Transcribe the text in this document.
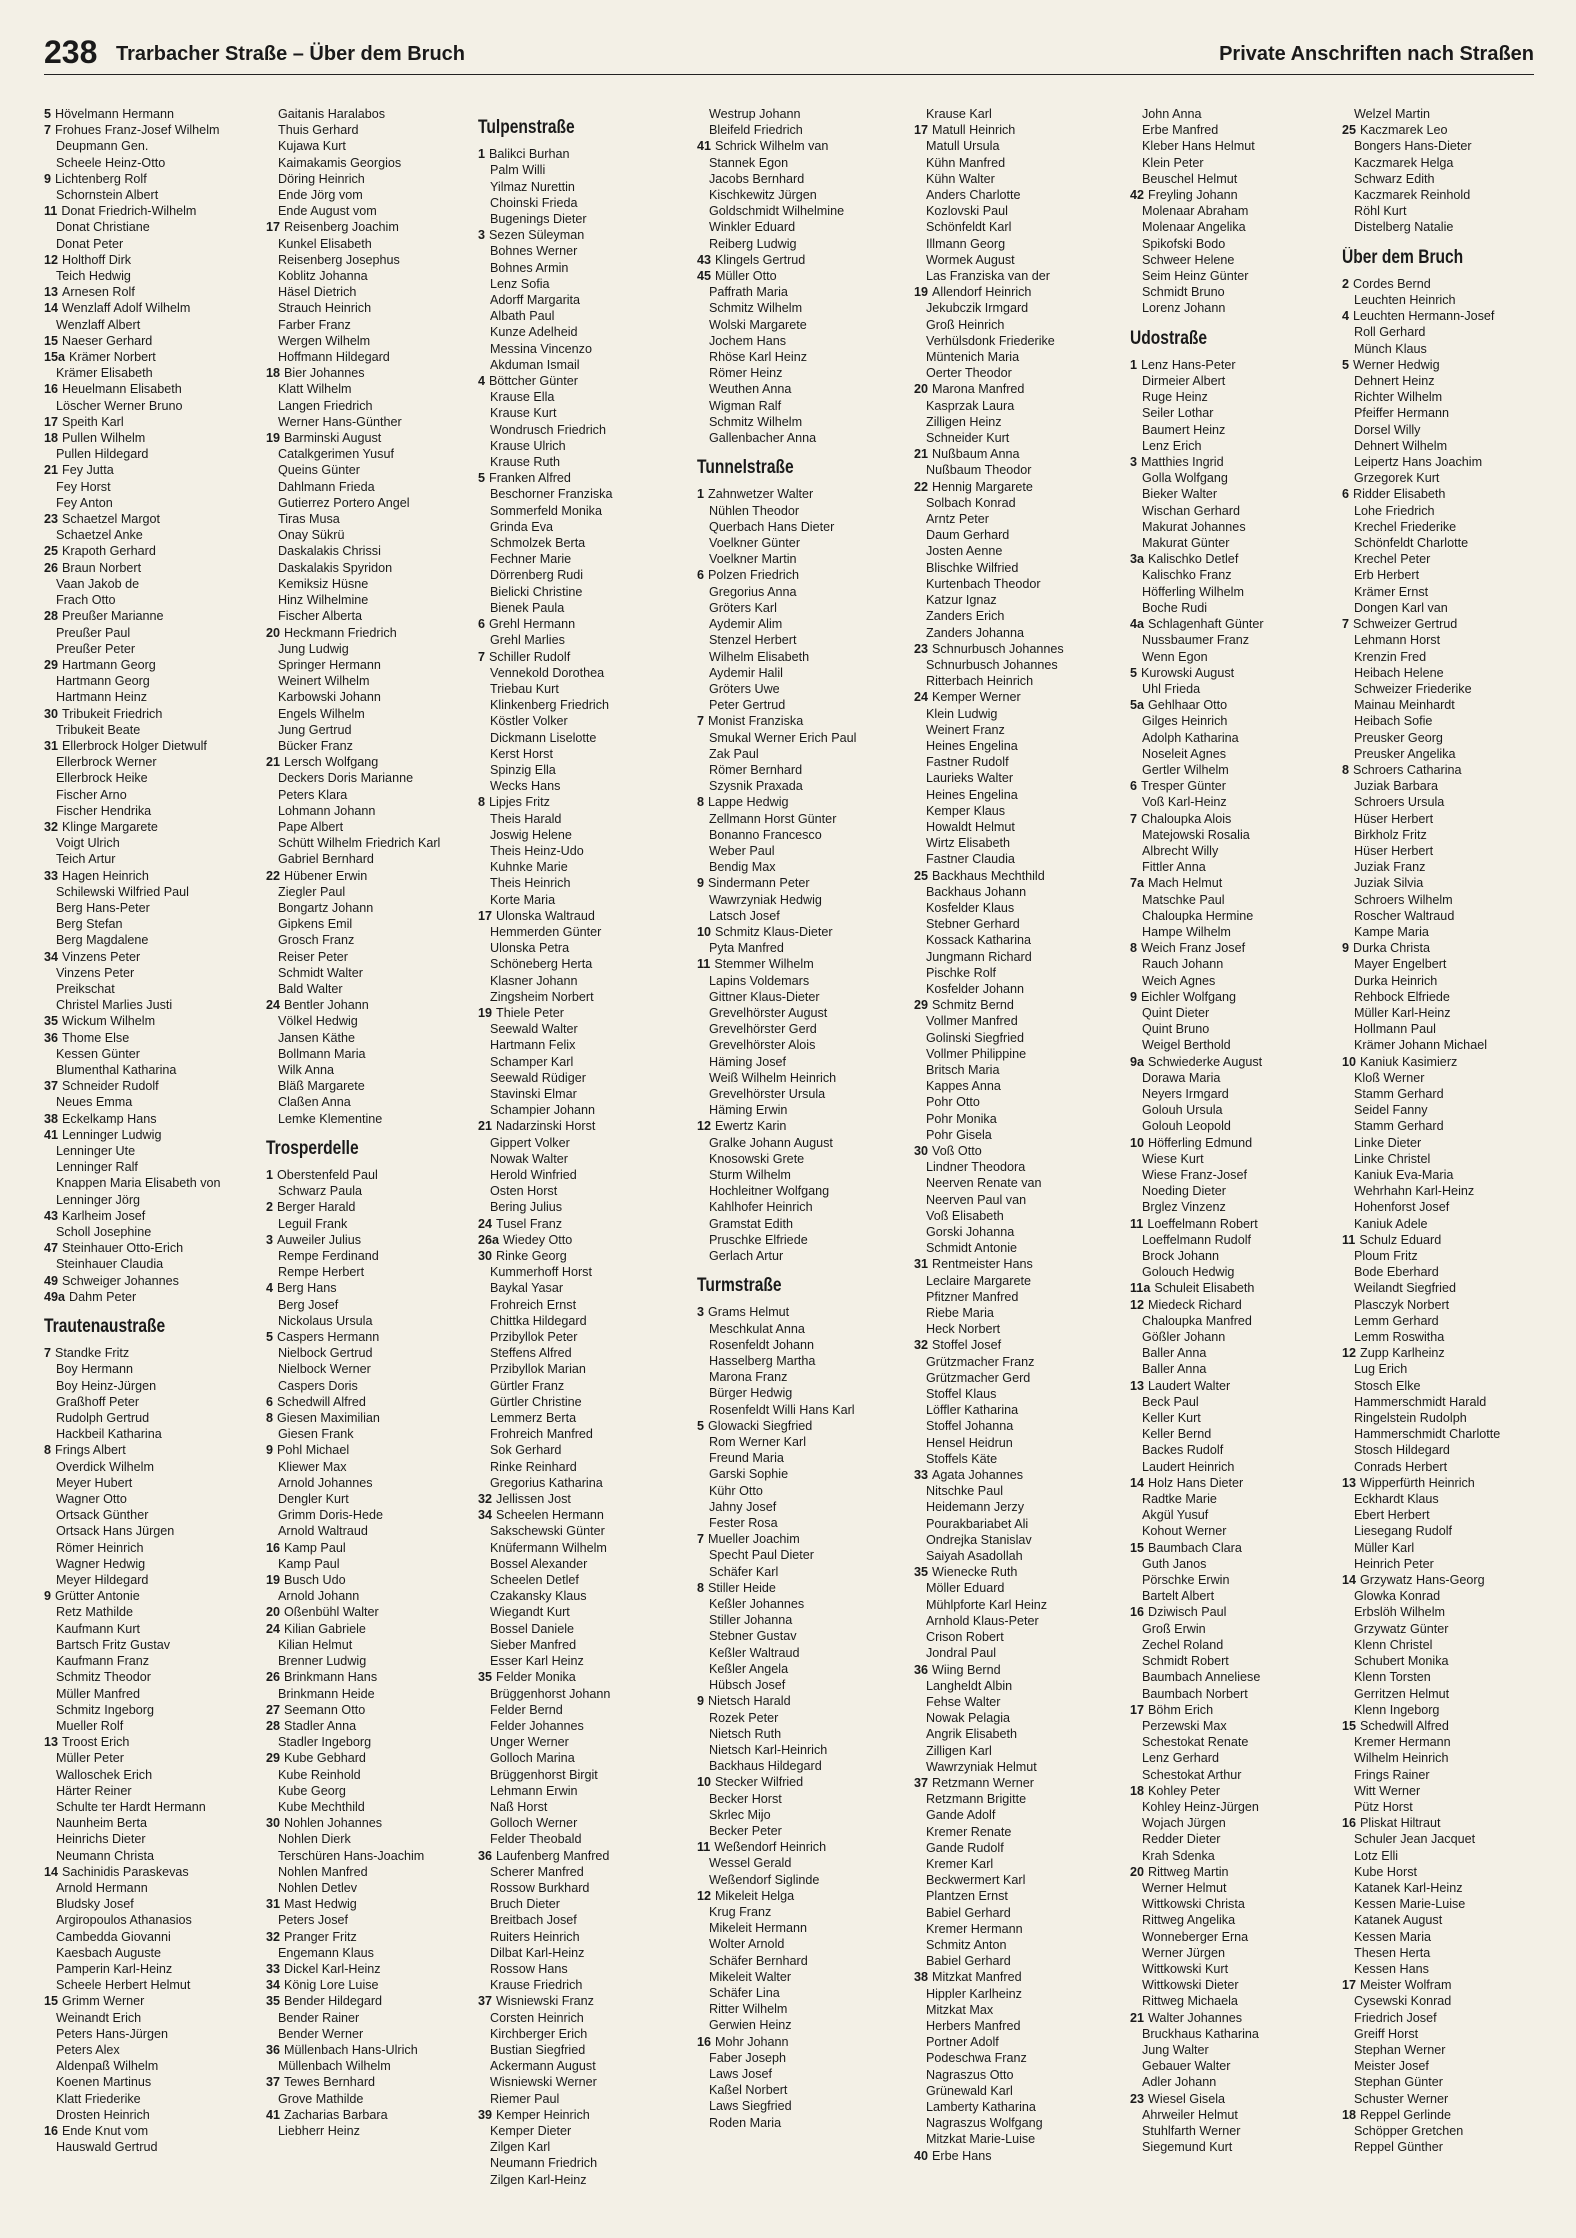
238 Trarbacher Straße – Über dem Bruch	Private Anschriften nach Straßen
5 Hövelmann Hermann
7 Frohues Franz-Josef Wilhelm
Deupmann Gen.
Scheele Heinz-Otto
9 Lichtenberg Rolf
Schornstein Albert
11 Donat Friedrich-Wilhelm
Donat Christiane
Donat Peter
12 Holthoff Dirk
Teich Hedwig
13 Arnesen Rolf
14 Wenzlaff Adolf Wilhelm
Wenzlaff Albert
15 Naeser Gerhard
15a Krämer Norbert
Krämer Elisabeth
16 Heuelmann Elisabeth
Löscher Werner Bruno
17 Speith Karl
18 Pullen Wilhelm
Pullen Hildegard
21 Fey Jutta
Fey Horst
Fey Anton
23 Schaetzel Margot
Schaetzel Anke
25 Krapoth Gerhard
26 Braun Norbert
Vaan Jakob de
Frach Otto
28 Preußer Marianne
Preußer Paul
Preußer Peter
29 Hartmann Georg
Hartmann Georg
Hartmann Heinz
30 Tribukeit Friedrich
Tribukeit Beate
31 Ellerbrock Holger Dietwulf
Ellerbrock Werner
Ellerbrock Heike
Fischer Arno
Fischer Hendrika
32 Klinge Margarete
Voigt Ulrich
Teich Artur
33 Hagen Heinrich
Schilewski Wilfried Paul
Berg Hans-Peter
Berg Stefan
Berg Magdalene
34 Vinzens Peter
Vinzens Peter
Preikschat
Christel Marlies Justi
35 Wickum Wilhelm
36 Thome Else
Kessen Günter
Blumenthal Katharina
37 Schneider Rudolf
Neues Emma
38 Eckelkamp Hans
41 Lenninger Ludwig
Lenninger Ute
Lenninger Ralf
Knappen Maria Elisabeth von
Lenninger Jörg
43 Karlheim Josef
Scholl Josephine
47 Steinhauer Otto-Erich
Steinhauer Claudia
49 Schweiger Johannes
49a Dahm Peter
Trautenaustraße
7 Standke Fritz
Boy Hermann
Boy Heinz-Jürgen
Graßhoff Peter
Rudolph Gertrud
Hackbeil Katharina
8 Frings Albert
Overdick Wilhelm
Meyer Hubert
Wagner Otto
Ortsack Günther
Ortsack Hans Jürgen
Römer Heinrich
Wagner Hedwig
Meyer Hildegard
9 Grütter Antonie
Retz Mathilde
Kaufmann Kurt
Bartsch Fritz Gustav
Kaufmann Franz
Schmitz Theodor
Müller Manfred
Schmitz Ingeborg
Mueller Rolf
13 Troost Erich
Müller Peter
Walloschek Erich
Härter Reiner
Schulte ter Hardt Hermann
Naunheim Berta
Heinrichs Dieter
Neumann Christa
14 Sachinidis Paraskevas
Arnold Hermann
Bludsky Josef
Argiropoulos Athanasios
Cambedda Giovanni
Kaesbach Auguste
Pamperin Karl-Heinz
Scheele Herbert Helmut
15 Grimm Werner
Weinandt Erich
Peters Hans-Jürgen
Peters Alex
Aldenpaß Wilhelm
Koenen Martinus
Klatt Friederike
Drosten Heinrich
16 Ende Knut vom
Hauswald Gertrud
Gaitanis Haralabos
Thuis Gerhard
Kujawa Kurt
Kaimakamis Georgios
Döring Heinrich
Ende Jörg vom
Ende August vom
17 Reisenberg Joachim
Kunkel Elisabeth
Reisenberg Josephus
Koblitz Johanna
Häsel Dietrich
Strauch Heinrich
Farber Franz
Wergen Wilhelm
Hoffmann Hildegard
18 Bier Johannes
Klatt Wilhelm
Langen Friedrich
Werner Hans-Günther
19 Barminski August
Catalkgerimen Yusuf
Queins Günter
Dahlmann Frieda
Gutierrez Portero Angel
Tiras Musa
Onay Sükrü
Daskalakis Chrissi
Daskalakis Spyridon
Kemiksiz Hüsne
Hinz Wilhelmine
Fischer Alberta
20 Heckmann Friedrich
Jung Ludwig
Springer Hermann
Weinert Wilhelm
Karbowski Johann
Engels Wilhelm
Jung Gertrud
Bücker Franz
21 Lersch Wolfgang
Deckers Doris Marianne
Peters Klara
Lohmann Johann
Pape Albert
Schütt Wilhelm Friedrich Karl
Gabriel Bernhard
22 Hübener Erwin
Ziegler Paul
Bongartz Johann
Gipkens Emil
Grosch Franz
Reiser Peter
Schmidt Walter
Bald Walter
24 Bentler Johann
Völkel Hedwig
Jansen Käthe
Bollmann Maria
Wilk Anna
Bläß Margarete
Claßen Anna
Lemke Klementine
Trosperdelle
1 Oberstenfeld Paul
Schwarz Paula
2 Berger Harald
Leguil Frank
3 Auweiler Julius
Rempe Ferdinand
Rempe Herbert
4 Berg Hans
Berg Josef
Nickolaus Ursula
5 Caspers Hermann
Nielbock Gertrud
Nielbock Werner
Caspers Doris
6 Schedwill Alfred
8 Giesen Maximilian
Giesen Frank
9 Pohl Michael
Kliewer Max
Arnold Johannes
Dengler Kurt
Grimm Doris-Hede
Arnold Waltraud
16 Kamp Paul
Kamp Paul
19 Busch Udo
Arnold Johann
20 Oßenbühl Walter
24 Kilian Gabriele
Kilian Helmut
Brenner Ludwig
26 Brinkmann Hans
Brinkmann Heide
27 Seemann Otto
28 Stadler Anna
Stadler Ingeborg
29 Kube Gebhard
Kube Reinhold
Kube Georg
Kube Mechthild
30 Nohlen Johannes
Nohlen Dierk
Terschüren Hans-Joachim
Nohlen Manfred
Nohlen Detlev
31 Mast Hedwig
Peters Josef
32 Pranger Fritz
Engemann Klaus
33 Dickel Karl-Heinz
34 König Lore Luise
35 Bender Hildegard
Bender Rainer
Bender Werner
36 Müllenbach Hans-Ulrich
Müllenbach Wilhelm
37 Tewes Bernhard
Grove Mathilde
41 Zacharias Barbara
Liebherr Heinz
Tulpenstraße
1 Balikci Burhan
Palm Willi
Yilmaz Nurettin
Choinski Frieda
Bugenings Dieter
3 Sezen Süleyman
Bohnes Werner
Bohnes Armin
Lenz Sofia
Adorff Margarita
Albath Paul
Kunze Adelheid
Messina Vincenzo
Akduman Ismail
4 Böttcher Günter
Krause Ella
Krause Kurt
Wondrusch Friedrich
Krause Ulrich
Krause Ruth
5 Franken Alfred
Beschorner Franziska
Sommerfeld Monika
Grinda Eva
Schmolzek Berta
Fechner Marie
Dörrenberg Rudi
Bielicki Christine
Bienek Paula
6 Grehl Hermann
Grehl Marlies
7 Schiller Rudolf
Vennekold Dorothea
Triebau Kurt
Klinkenberg Friedrich
Köstler Volker
Dickmann Liselotte
Kerst Horst
Spinzig Ella
Wecks Hans
8 Lipjes Fritz
Theis Harald
Joswig Helene
Theis Heinz-Udo
Kuhnke Marie
Theis Heinrich
Korte Maria
17 Ulonska Waltraud
Hemmerden Günter
Ulonska Petra
Schöneberg Herta
Klasner Johann
Zingsheim Norbert
19 Thiele Peter
Seewald Walter
Hartmann Felix
Schamper Karl
Seewald Rüdiger
Stavinski Elmar
Schampier Johann
21 Nadarzinski Horst
Gippert Volker
Nowak Walter
Herold Winfried
Osten Horst
Bering Julius
24 Tusel Franz
26a Wiedey Otto
30 Rinke Georg
Kummerhoff Horst
Baykal Yasar
Frohreich Ernst
Chittka Hildegard
Przibyllok Peter
Steffens Alfred
Przibyllok Marian
Gürtler Franz
Gürtler Christine
Lemmerz Berta
Frohreich Manfred
Sok Gerhard
Rinke Reinhard
Gregorius Katharina
32 Jellissen Jost
34 Scheelen Hermann
Sakschewski Günter
Knüfermann Wilhelm
Bossel Alexander
Scheelen Detlef
Czakansky Klaus
Wiegandt Kurt
Bossel Daniele
Sieber Manfred
Esser Karl Heinz
35 Felder Monika
Brüggenhorst Johann
Felder Bernd
Felder Johannes
Unger Werner
Golloch Marina
Brüggenhorst Birgit
Lehmann Erwin
Naß Horst
Golloch Werner
Felder Theobald
36 Laufenberg Manfred
Scherer Manfred
Rossow Burkhard
Bruch Dieter
Breitbach Josef
Ruiters Heinrich
Dilbat Karl-Heinz
Rossow Hans
Krause Friedrich
37 Wisniewski Franz
Corsten Heinrich
Kirchberger Erich
Bustian Siegfried
Ackermann August
Wisniewski Werner
Riemer Paul
39 Kemper Heinrich
Kemper Dieter
Zilgen Karl
Neumann Friedrich
Zilgen Karl-Heinz
Westrup Johann
Bleifeld Friedrich
41 Schrick Wilhelm van
Stannek Egon
Jacobs Bernhard
Kischkewitz Jürgen
Goldschmidt Wilhelmine
Winkler Eduard
Reiberg Ludwig
43 Klingels Gertrud
45 Müller Otto
Paffrath Maria
Schmitz Wilhelm
Wolski Margarete
Jochem Hans
Rhöse Karl Heinz
Römer Heinz
Weuthen Anna
Wigman Ralf
Schmitz Wilhelm
Gallenbacher Anna
Tunnelstraße
1 Zahnwetzer Walter
Nühlen Theodor
Querbach Hans Dieter
Voelkner Günter
Voelkner Martin
6 Polzen Friedrich
Gregorius Anna
Gröters Karl
Aydemir Alim
Stenzel Herbert
Wilhelm Elisabeth
Aydemir Halil
Gröters Uwe
Peter Gertrud
7 Monist Franziska
Smukal Werner Erich Paul
Zak Paul
Römer Bernhard
Szysnik Praxada
8 Lappe Hedwig
Zellmann Horst Günter
Bonanno Francesco
Weber Paul
Bendig Max
9 Sindermann Peter
Wawrzyniak Hedwig
Latsch Josef
10 Schmitz Klaus-Dieter
Pyta Manfred
11 Stemmer Wilhelm
Lapins Voldemars
Gittner Klaus-Dieter
Grevelhörster August
Grevelhörster Gerd
Grevelhörster Alois
Häming Josef
Weiß Wilhelm Heinrich
Grevelhörster Ursula
Häming Erwin
12 Ewertz Karin
Gralke Johann August
Knosowski Grete
Sturm Wilhelm
Hochleitner Wolfgang
Kahlhofer Heinrich
Gramstat Edith
Pruschke Elfriede
Gerlach Artur
Turmstraße
3 Grams Helmut
Meschkulat Anna
Rosenfeldt Johann
Hasselberg Martha
Marona Franz
Bürger Hedwig
Rosenfeldt Willi Hans Karl
5 Glowacki Siegfried
Rom Werner Karl
Freund Maria
Garski Sophie
Kühr Otto
Jahny Josef
Fester Rosa
7 Mueller Joachim
Specht Paul Dieter
Schäfer Karl
8 Stiller Heide
Keßler Johannes
Stiller Johanna
Stebner Gustav
Keßler Waltraud
Keßler Angela
Hübsch Josef
9 Nietsch Harald
Rozek Peter
Nietsch Ruth
Nietsch Karl-Heinrich
Backhaus Hildegard
10 Stecker Wilfried
Becker Horst
Skrlec Mijo
Becker Peter
11 Weßendorf Heinrich
Wessel Gerald
Weßendorf Siglinde
12 Mikeleit Helga
Krug Franz
Mikeleit Hermann
Wolter Arnold
Schäfer Bernhard
Mikeleit Walter
Schäfer Lina
Ritter Wilhelm
Gerwien Heinz
16 Mohr Johann
Faber Joseph
Laws Josef
Kaßel Norbert
Laws Siegfried
Roden Maria
Krause Karl
17 Matull Heinrich
Matull Ursula
Kühn Manfred
Kühn Walter
Anders Charlotte
Kozlovski Paul
Schönfeldt Karl
Illmann Georg
Wormek August
Las Franziska van der
19 Allendorf Heinrich
Jekubczik Irmgard
Groß Heinrich
Verhülsdonk Friederike
Müntenich Maria
Oerter Theodor
20 Marona Manfred
Kasprzak Laura
Zilligen Heinz
Schneider Kurt
21 Nußbaum Anna
Nußbaum Theodor
22 Hennig Margarete
Solbach Konrad
Arntz Peter
Daum Gerhard
Josten Aenne
Blischke Wilfried
Kurtenbach Theodor
Katzur Ignaz
Zanders Erich
Zanders Johanna
23 Schnurbusch Johannes
Schnurbusch Johannes
Ritterbach Heinrich
24 Kemper Werner
Klein Ludwig
Weinert Franz
Heines Engelina
Fastner Rudolf
Laurieks Walter
Heines Engelina
Kemper Klaus
Howaldt Helmut
Wirtz Elisabeth
Fastner Claudia
25 Backhaus Mechthild
Backhaus Johann
Kosfelder Klaus
Stebner Gerhard
Kossack Katharina
Jungmann Richard
Pischke Rolf
Kosfelder Johann
29 Schmitz Bernd
Vollmer Manfred
Golinski Siegfried
Vollmer Philippine
Britsch Maria
Kappes Anna
Pohr Otto
Pohr Monika
Pohr Gisela
30 Voß Otto
Lindner Theodora
Neerven Renate van
Neerven Paul van
Voß Elisabeth
Gorski Johanna
Schmidt Antonie
31 Rentmeister Hans
Leclaire Margarete
Pfitzner Manfred
Riebe Maria
Heck Norbert
32 Stoffel Josef
Grützmacher Franz
Grützmacher Gerd
Stoffel Klaus
Löffler Katharina
Stoffel Johanna
Hensel Heidrun
Stoffels Käte
33 Agata Johannes
Nitschke Paul
Heidemann Jerzy
Pourakbariabet Ali
Ondrejka Stanislav
Saiyah Asadollah
35 Wienecke Ruth
Möller Eduard
Mühlpforte Karl Heinz
Arnhold Klaus-Peter
Crison Robert
Jondral Paul
36 Wiing Bernd
Langheldt Albin
Fehse Walter
Nowak Pelagia
Angrik Elisabeth
Zilligen Karl
Wawrzyniak Helmut
37 Retzmann Werner
Retzmann Brigitte
Gande Adolf
Kremer Renate
Gande Rudolf
Kremer Karl
Beckwermert Karl
Plantzen Ernst
Babiel Gerhard
Kremer Hermann
Schmitz Anton
Babiel Gerhard
38 Mitzkat Manfred
Hippler Karlheinz
Mitzkat Max
Herbers Manfred
Portner Adolf
Podeschwa Franz
Nagraszus Otto
Grünewald Karl
Lamberty Katharina
Nagraszus Wolfgang
Mitzkat Marie-Luise
40 Erbe Hans
John Anna
Erbe Manfred
Kleber Hans Helmut
Klein Peter
Beuschel Helmut
42 Freyling Johann
Molenaar Abraham
Molenaar Angelika
Spikofski Bodo
Schweer Helene
Seim Heinz Günter
Schmidt Bruno
Lorenz Johann
Udostraße
1 Lenz Hans-Peter
Dirmeier Albert
Ruge Heinz
Seiler Lothar
Baumert Heinz
Lenz Erich
3 Matthies Ingrid
Golla Wolfgang
Bieker Walter
Wischan Gerhard
Makurat Johannes
Makurat Günter
3a Kalischko Detlef
Kalischko Franz
Höfferling Wilhelm
Boche Rudi
4a Schlagenhaft Günter
Nussbaumer Franz
Wenn Egon
5 Kurowski August
Uhl Frieda
5a Gehlhaar Otto
Gilges Heinrich
Adolph Katharina
Noseleit Agnes
Gertler Wilhelm
6 Tresper Günter
Voß Karl-Heinz
7 Chaloupka Alois
Matejowski Rosalia
Albrecht Willy
Fittler Anna
7a Mach Helmut
Matschke Paul
Chaloupka Hermine
Hampe Wilhelm
8 Weich Franz Josef
Rauch Johann
Weich Agnes
9 Eichler Wolfgang
Quint Dieter
Quint Bruno
Weigel Berthold
9a Schwiederke August
Dorawa Maria
Neyers Irmgard
Golouh Ursula
Golouh Leopold
10 Höfferling Edmund
Wiese Kurt
Wiese Franz-Josef
Noeding Dieter
Brglez Vinzenz
11 Loeffelmann Robert
Loeffelmann Rudolf
Brock Johann
Golouch Hedwig
11a Schuleit Elisabeth
12 Miedeck Richard
Chaloupka Manfred
Gößler Johann
Baller Anna
Baller Anna
13 Laudert Walter
Beck Paul
Keller Kurt
Keller Bernd
Backes Rudolf
Laudert Heinrich
14 Holz Hans Dieter
Radtke Marie
Akgül Yusuf
Kohout Werner
15 Baumbach Clara
Guth Janos
Pörschke Erwin
Bartelt Albert
16 Dziwisch Paul
Groß Erwin
Zechel Roland
Schmidt Robert
Baumbach Anneliese
Baumbach Norbert
17 Böhm Erich
Perzewski Max
Schestokat Renate
Lenz Gerhard
Schestokat Arthur
18 Kohley Peter
Kohley Heinz-Jürgen
Wojach Jürgen
Redder Dieter
Krah Sdenka
20 Rittweg Martin
Werner Helmut
Wittkowski Christa
Rittweg Angelika
Wonneberger Erna
Werner Jürgen
Wittkowski Kurt
Wittkowski Dieter
Rittweg Michaela
21 Walter Johannes
Bruckhaus Katharina
Jung Walter
Gebauer Walter
Adler Johann
23 Wiesel Gisela
Ahrweiler Helmut
Stuhlfarth Werner
Siegemund Kurt
Welzel Martin
25 Kaczmarek Leo
Bongers Hans-Dieter
Kaczmarek Helga
Schwarz Edith
Kaczmarek Reinhold
Röhl Kurt
Distelberg Natalie
Über dem Bruch
2 Cordes Bernd
Leuchten Heinrich
4 Leuchten Hermann-Josef
Roll Gerhard
Münch Klaus
5 Werner Hedwig
Dehnert Heinz
Richter Wilhelm
Pfeiffer Hermann
Dorsel Willy
Dehnert Wilhelm
Leipertz Hans Joachim
Grzegorek Kurt
6 Ridder Elisabeth
Lohe Friedrich
Krechel Friederike
Schönfeldt Charlotte
Krechel Peter
Erb Herbert
Krämer Ernst
Dongen Karl van
7 Schweizer Gertrud
Lehmann Horst
Krenzin Fred
Heibach Helene
Schweizer Friederike
Mainau Meinhardt
Heibach Sofie
Preusker Georg
Preusker Angelika
8 Schroers Catharina
Juziak Barbara
Schroers Ursula
Hüser Herbert
Birkholz Fritz
Hüser Herbert
Juziak Franz
Juziak Silvia
Schroers Wilhelm
Roscher Waltraud
Kampe Maria
9 Durka Christa
Mayer Engelbert
Durka Heinrich
Rehbock Elfriede
Müller Karl-Heinz
Hollmann Paul
Krämer Johann Michael
10 Kaniuk Kasimierz
Kloß Werner
Stamm Gerhard
Seidel Fanny
Stamm Gerhard
Linke Dieter
Linke Christel
Kaniuk Eva-Maria
Wehrhahn Karl-Heinz
Hohenforst Josef
Kaniuk Adele
11 Schulz Eduard
Ploum Fritz
Bode Eberhard
Weilandt Siegfried
Plasczyk Norbert
Lemm Gerhard
Lemm Roswitha
12 Zupp Karlheinz
Lug Erich
Stosch Elke
Hammerschmidt Harald
Ringelstein Rudolph
Hammerschmidt Charlotte
Stosch Hildegard
Conrads Herbert
13 Wipperfürth Heinrich
Eckhardt Klaus
Ebert Herbert
Liesegang Rudolf
Müller Karl
Heinrich Peter
14 Grzywatz Hans-Georg
Glowka Konrad
Erbslöh Wilhelm
Grzywatz Günter
Klenn Christel
Schubert Monika
Klenn Torsten
Gerritzen Helmut
Klenn Ingeborg
15 Schedwill Alfred
Kremer Hermann
Wilhelm Heinrich
Frings Rainer
Witt Werner
Pütz Horst
16 Pliskat Hiltraut
Schuler Jean Jacquet
Lotz Elli
Kube Horst
Katanek Karl-Heinz
Kessen Marie-Luise
Katanek August
Kessen Maria
Thesen Herta
Kessen Hans
17 Meister Wolfram
Cysewski Konrad
Friedrich Josef
Greiff Horst
Stephan Werner
Meister Josef
Stephan Günter
Schuster Werner
18 Reppel Gerlinde
Schöpper Gretchen
Reppel Günther
